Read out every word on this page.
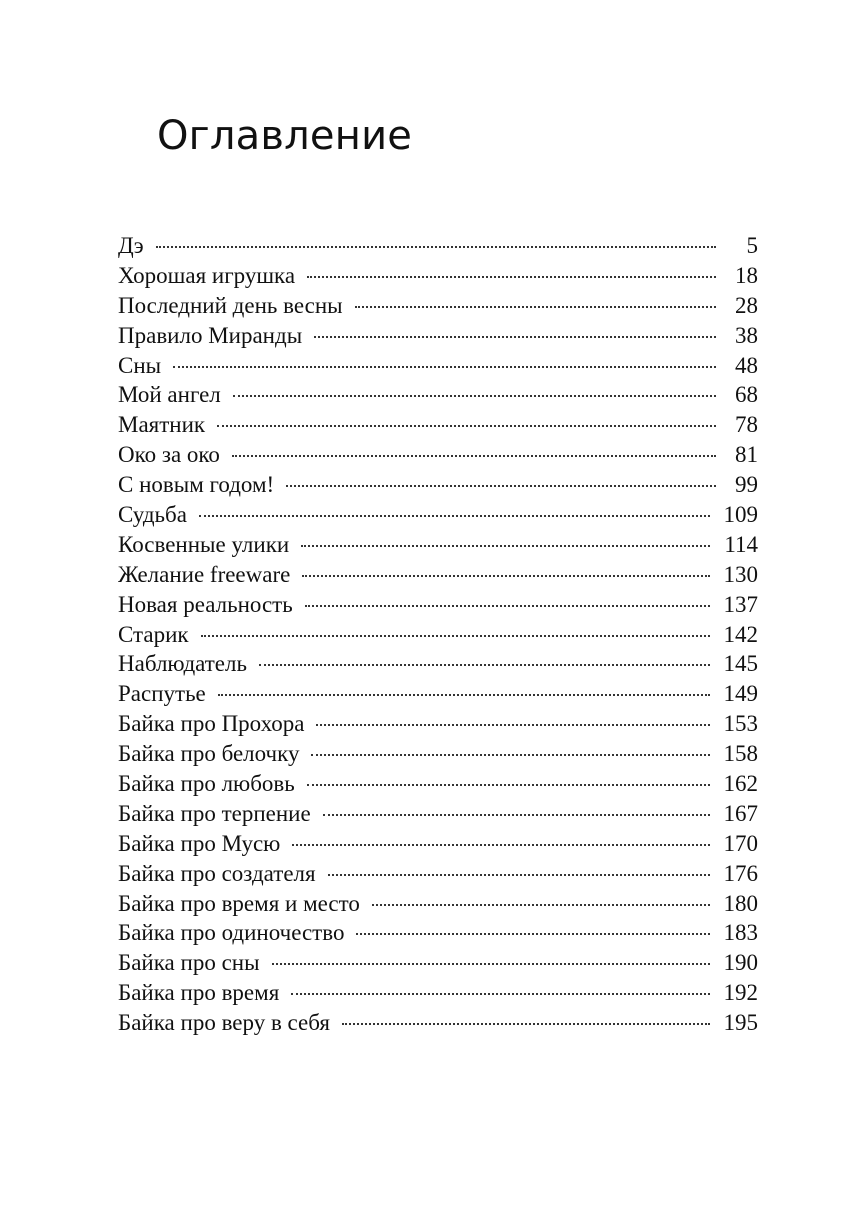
Оглавление
Дэ	5
Хорошая игрушка	18
Последний день весны	28
Правило Миранды	38
Сны	48
Мой ангел	68
Маятник	78
Око за око	81
С новым годом!	99
Судьба	109
Косвенные улики	114
Желание freeware	130
Новая реальность	137
Старик	142
Наблюдатель	145
Распутье	149
Байка про Прохора	153
Байка про белочку	158
Байка про любовь	162
Байка про терпение	167
Байка про Мусю	170
Байка про создателя	176
Байка про время и место	180
Байка про одиночество	183
Байка про сны	190
Байка про время	192
Байка про веру в себя	195
